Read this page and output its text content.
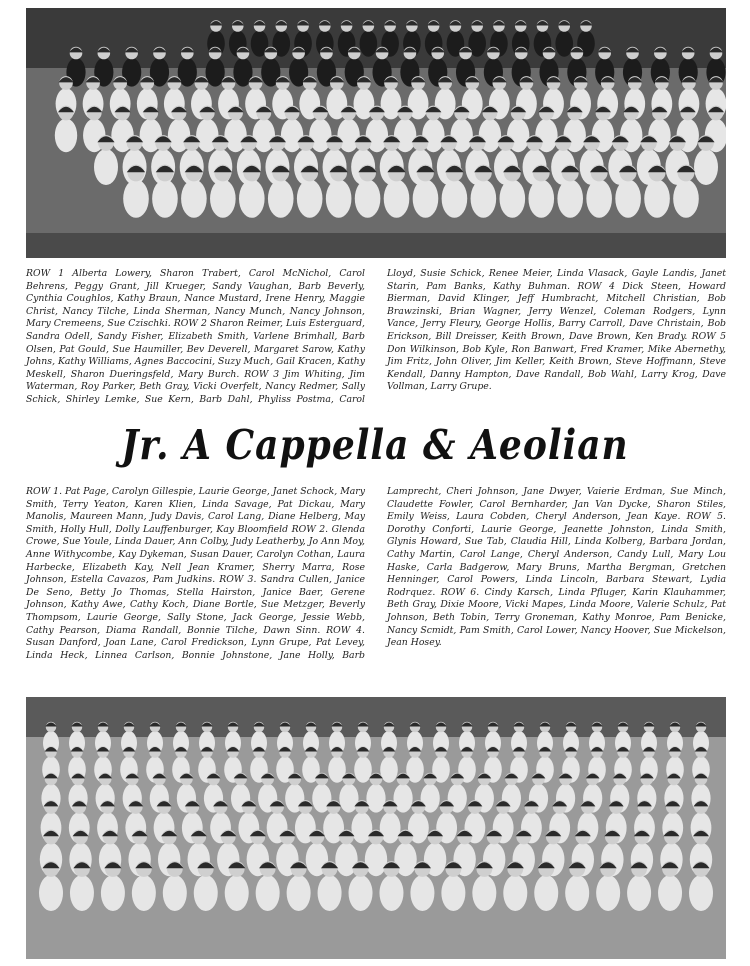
ROW 1 Alberta Lowery, Sharon Trabert, Carol McNichol, Carol Behrens, Peggy Grant, Jill Krueger, Sandy Vaughan, Barb Beverly, Cynthia Coughlos, Kathy Braun, Nance Mustard, Irene Henry, Maggie Christ, Nancy Tilche, Linda Sherman, Nancy Munch, Nancy Johnson, Mary Cremeens, Sue Czischki. ROW 2 Sharon Reimer, Luis Esterguard, Sandra Odell, Sandy Fisher, Elizabeth Smith, Varlene Brimhall, Barb Olsen, Pat Gould, Sue Haumiller, Bev Deverell, Margaret Sarow, Kathy Johns, Kathy Williams, Agnes Baccocini, Suzy Much, Gail Kracen, Kathy Meskell, Sharon Dueringsfeld, Mary Burch. ROW 3 Jim Whiting, Jim Waterman, Roy Parker, Beth Gray, Vicki Overfelt, Nancy Redmer, Sally Schick, Shirley Lemke, Sue Kern, Barb Dahl, Phyliss Postma, Carol Lloyd, Susie Schick, Renee Meier, Linda Vlasack, Gayle Landis, Janet Starin, Pam Banks, Kathy Buhman. ROW 4 Dick Steen, Howard Bierman, David Klinger, Jeff Humbracht, Mitchell Christian, Bob Brawzinski, Brian Wagner, Jerry Wenzel, Coleman Rodgers, Lynn Vance, Jerry Fleury, George Hollis, Barry Carroll, Dave Christain, Bob Erickson, Bill Dreisser, Keith Brown, Dave Brown, Ken Brady. ROW 5 Don Wilkinson, Bob Kyle, Ron Banwart, Fred Kramer, Mike Abernethy, Jim Fritz, John Oliver, Jim Keller, Keith Brown, Steve Hoffmann, Steve Kendall, Danny Hampton, Dave Randall, Bob Wahl, Larry Krog, Dave Vollman, Larry Grupe.
Jr. A Cappella & Aeolian
ROW 1. Pat Page, Carolyn Gillespie, Laurie George, Janet Schock, Mary Smith, Terry Yeaton, Karen Klien, Linda Savage, Pat Dickau, Mary Manolis, Maureen Mann, Judy Davis, Carol Lang, Diane Helberg, May Smith, Holly Hull, Dolly Lauffenburger, Kay Bloomfield ROW 2. Glenda Crowe, Sue Youle, Linda Dauer, Ann Colby, Judy Leatherby, Jo Ann Moy, Anne Withycombe, Kay Dykeman, Susan Dauer, Carolyn Cothan, Laura Harbecke, Elizabeth Kay, Nell Jean Kramer, Sherry Marra, Rose Johnson, Estella Cavazos, Pam Judkins. ROW 3. Sandra Cullen, Janice De Seno, Betty Jo Thomas, Stella Hairston, Janice Baer, Gerene Johnson, Kathy Awe, Cathy Koch, Diane Bortle, Sue Metzger, Beverly Thompsom, Laurie George, Sally Stone, Jack George, Jessie Webb, Cathy Pearson, Diama Randall, Bonnie Tilche, Dawn Sinn. ROW 4. Susan Danford, Joan Lane, Carol Fredickson, Lynn Grupe, Pat Levey, Linda Heck, Linnea Carlson, Bonnie Johnstone, Jane Holly, Barb Lamprecht, Cheri Johnson, Jane Dwyer, Vaierie Erdman, Sue Minch, Claudette Fowler, Carol Bernharder, Jan Van Dycke, Sharon Stiles, Emily Weiss, Laura Cobden, Cheryl Anderson, Jean Kaye. ROW 5. Dorothy Conforti, Laurie George, Jeanette Johnston, Linda Smith, Glynis Howard, Sue Tab, Claudia Hill, Linda Kolberg, Barbara Jordan, Cathy Martin, Carol Lange, Cheryl Anderson, Candy Lull, Mary Lou Haske, Carla Badgerow, Mary Bruns, Martha Bergman, Gretchen Henninger, Carol Powers, Linda Lincoln, Barbara Stewart, Lydia Rodrquez. ROW 6. Cindy Karsch, Linda Pfluger, Karin Klauhammer, Beth Gray, Dixie Moore, Vicki Mapes, Linda Moore, Valerie Schulz, Pat Johnson, Beth Tobin, Terry Groneman, Kathy Monroe, Pam Benicke, Nancy Scmidt, Pam Smith, Carol Lower, Nancy Hoover, Sue Mickelson, Jean Hosey.
